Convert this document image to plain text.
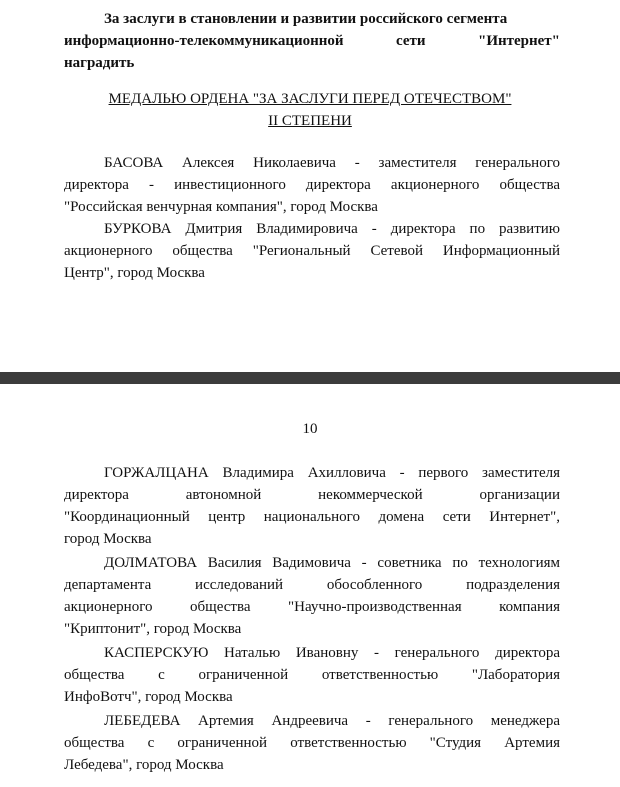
За заслуги в становлении и развитии российского сегмента
информационно-телекоммуникационной сети "Интернет"
наградить
МЕДАЛЬЮ ОРДЕНА "ЗА ЗАСЛУГИ ПЕРЕД ОТЕЧЕСТВОМ"
II СТЕПЕНИ
БАСОВА Алексея Николаевича - заместителя генерального
директора - инвестиционного директора акционерного общества
"Российская венчурная компания", город Москва
БУРКОВА Дмитрия Владимировича - директора по развитию
акционерного общества "Региональный Сетевой Информационный
Центр", город Москва
10
ГОРЖАЛЦАНА Владимира Ахилловича - первого заместителя
директора автономной некоммерческой организации
"Координационный центр национального домена сети Интернет",
город Москва
ДОЛМАТОВА Василия Вадимовича - советника по технологиям
департамента исследований обособленного подразделения
акционерного общества "Научно-производственная компания
"Криптонит", город Москва
КАСПЕРСКУЮ Наталью Ивановну - генерального директора
общества с ограниченной ответственностью "Лаборатория
ИнфоВотч", город Москва
ЛЕБЕДЕВА Артемия Андреевича - генерального менеджера
общества с ограниченной ответственностью "Студия Артемия
Лебедева", город Москва
